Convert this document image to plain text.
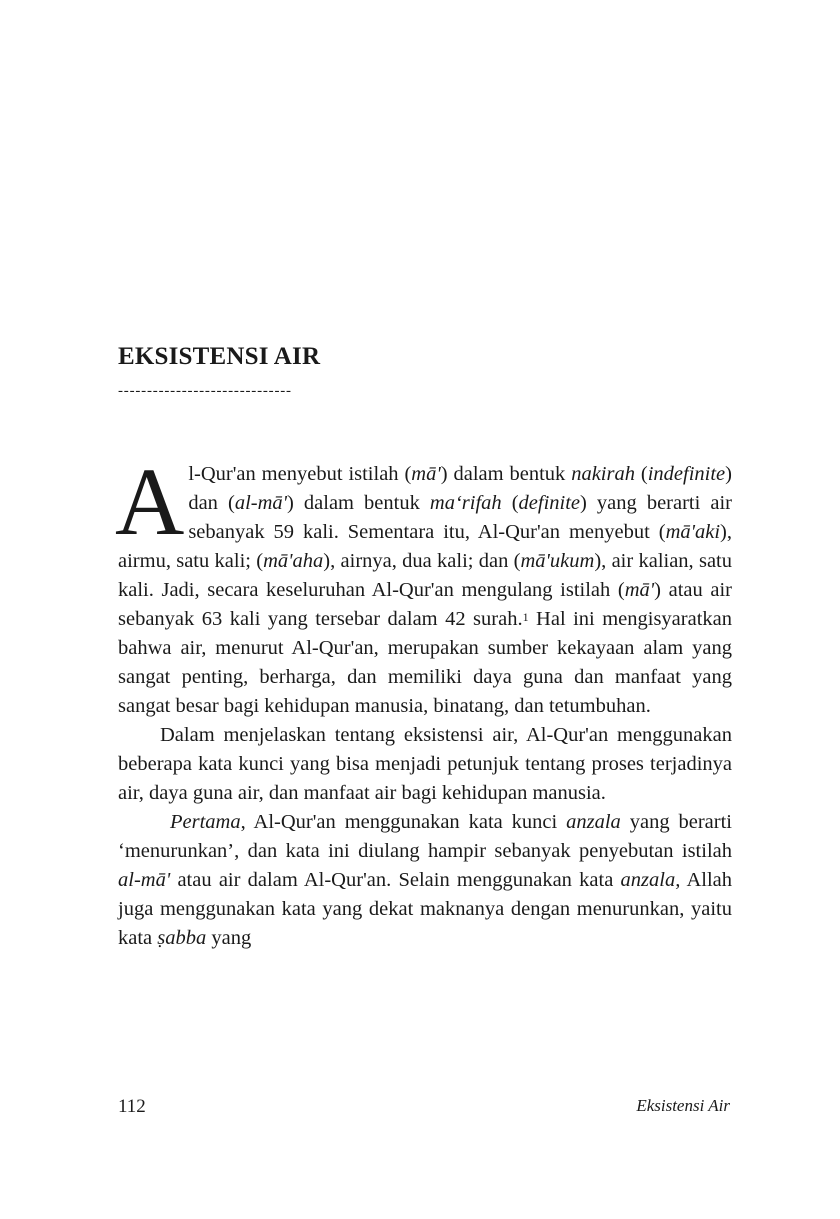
EKSISTENSI AIR
------------------------------

Al-Qur'an menyebut istilah (mā') dalam bentuk nakirah (indefinite) dan (al-mā') dalam bentuk ma‘rifah (definite) yang berarti air sebanyak 59 kali. Sementara itu, Al-Qur'an menyebut (mā'aki), airmu, satu kali; (mā'aha), airnya, dua kali; dan (mā'ukum), air kalian, satu kali. Jadi, secara keseluruhan Al-Qur'an mengulang istilah (mā') atau air sebanyak 63 kali yang tersebar dalam 42 surah.$^1$ Hal ini mengisyaratkan bahwa air, menurut Al-Qur'an, merupakan sumber kekayaan alam yang sangat penting, berharga, dan memiliki daya guna dan manfaat yang sangat besar bagi kehidupan manusia, binatang, dan tetumbuhan.

Dalam menjelaskan tentang eksistensi air, Al-Qur'an menggunakan beberapa kata kunci yang bisa menjadi petunjuk tentang proses terjadinya air, daya guna air, dan manfaat air bagi kehidupan manusia.

Pertama, Al-Qur'an menggunakan kata kunci anzala yang berarti ‘menurunkan’, dan kata ini diulang hampir sebanyak penyebutan istilah al-mā' atau air dalam Al-Qur'an. Selain menggunakan kata anzala, Allah juga menggunakan kata yang dekat maknanya dengan menurunkan, yaitu kata ṣabba yang

112	Eksistensi Air
